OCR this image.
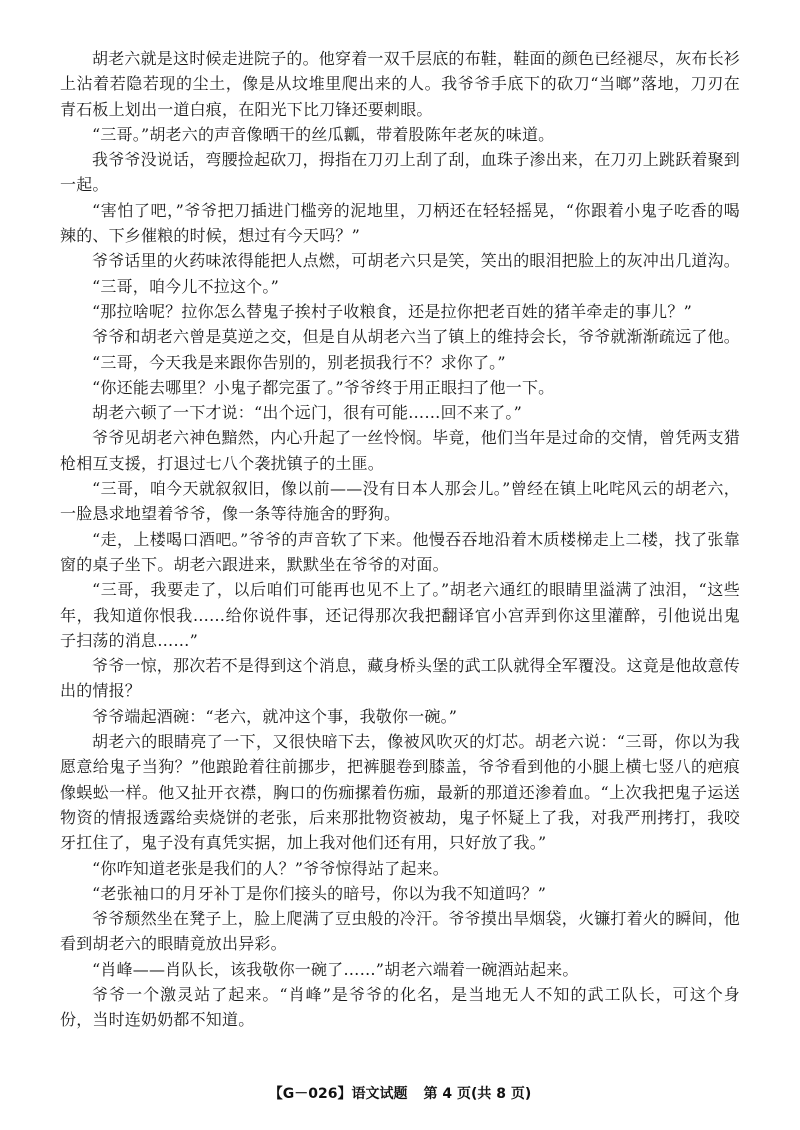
胡老六就是这时候走进院子的。他穿着一双千层底的布鞋，鞋面的颜色已经褪尽，灰布长衫上沾着若隐若现的尘土，像是从坟堆里爬出来的人。我爷爷手底下的砍刀“当啷”落地，刀刃在青石板上划出一道白痕，在阳光下比刀锋还要刺眼。

“三哥。”胡老六的声音像晒干的丝瓜瓤，带着股陈年老灰的味道。

我爷爷没说话，弯腰捡起砍刀，拇指在刀刃上刮了刮，血珠子渗出来，在刀刃上跳跃着聚到一起。

“害怕了吧，”爷爷把刀插进门槛旁的泥地里，刀柄还在轻轻摇晃，“你跟着小鬼子吃香的喝辣的、下乡催粮的时候，想过有今天吗？”

爷爷话里的火药味浓得能把人点燃，可胡老六只是笑，笑出的眼泪把脸上的灰冲出几道沟。

“三哥，咱今儿不拉这个。”

“那拉啥呢？拉你怎么替鬼子挨村子收粮食，还是拉你把老百姓的猪羊牵走的事儿？”

爷爷和胡老六曾是莫逆之交，但是自从胡老六当了镇上的维持会长，爷爷就渐渐疏远了他。

“三哥，今天我是来跟你告别的，别老损我行不？求你了。”

“你还能去哪里？小鬼子都完蛋了。”爷爷终于用正眼扫了他一下。

胡老六顿了一下才说：“出个远门，很有可能……回不来了。”

爷爷见胡老六神色黯然，内心升起了一丝怜悯。毕竟，他们当年是过命的交情，曾凭两支猎枪相互支援，打退过七八个袭扰镇子的土匪。

“三哥，咱今天就叙叙旧，像以前——没有日本人那会儿。”曾经在镇上叱咤风云的胡老六，一脸恳求地望着爷爷，像一条等待施舍的野狗。

“走，上楼喝口酒吧。”爷爷的声音软了下来。他慢吞吞地沿着木质楼梯走上二楼，找了张靠窗的桌子坐下。胡老六跟进来，默默坐在爷爷的对面。

“三哥，我要走了，以后咱们可能再也见不上了。”胡老六通红的眼睛里溢满了浊泪，“这些年，我知道你恨我……给你说件事，还记得那次我把翻译官小宫弄到你这里灌醉，引他说出鬼子扫荡的消息……”

爷爷一惊，那次若不是得到这个消息，藏身桥头堡的武工队就得全军覆没。这竟是他故意传出的情报？

爷爷端起酒碗：“老六，就冲这个事，我敬你一碗。”

胡老六的眼睛亮了一下，又很快暗下去，像被风吹灭的灯芯。胡老六说：“三哥，你以为我愿意给鬼子当狗？”他踉跄着往前挪步，把裤腿卷到膝盖，爷爷看到他的小腿上横七竖八的疤痕像蜈蚣一样。他又扯开衣襟，胸口的伤痂摞着伤痂，最新的那道还渗着血。“上次我把鬼子运送物资的情报透露给卖烧饼的老张，后来那批物资被劫，鬼子怀疑上了我，对我严刑拷打，我咬牙扛住了，鬼子没有真凭实据，加上我对他们还有用，只好放了我。”

“你咋知道老张是我们的人？”爷爷惊得站了起来。

“老张袖口的月牙补丁是你们接头的暗号，你以为我不知道吗？”

爷爷颓然坐在凳子上，脸上爬满了豆虫般的冷汗。爷爷摸出旱烟袋，火镰打着火的瞬间，他看到胡老六的眼睛竟放出异彩。

“肖峰——肖队长，该我敬你一碗了……”胡老六端着一碗酒站起来。

爷爷一个激灵站了起来。“肖峰”是爷爷的化名，是当地无人不知的武工队长，可这个身份，当时连奶奶都不知道。

【G－026】语文试题 第 4 页(共 8 页)
